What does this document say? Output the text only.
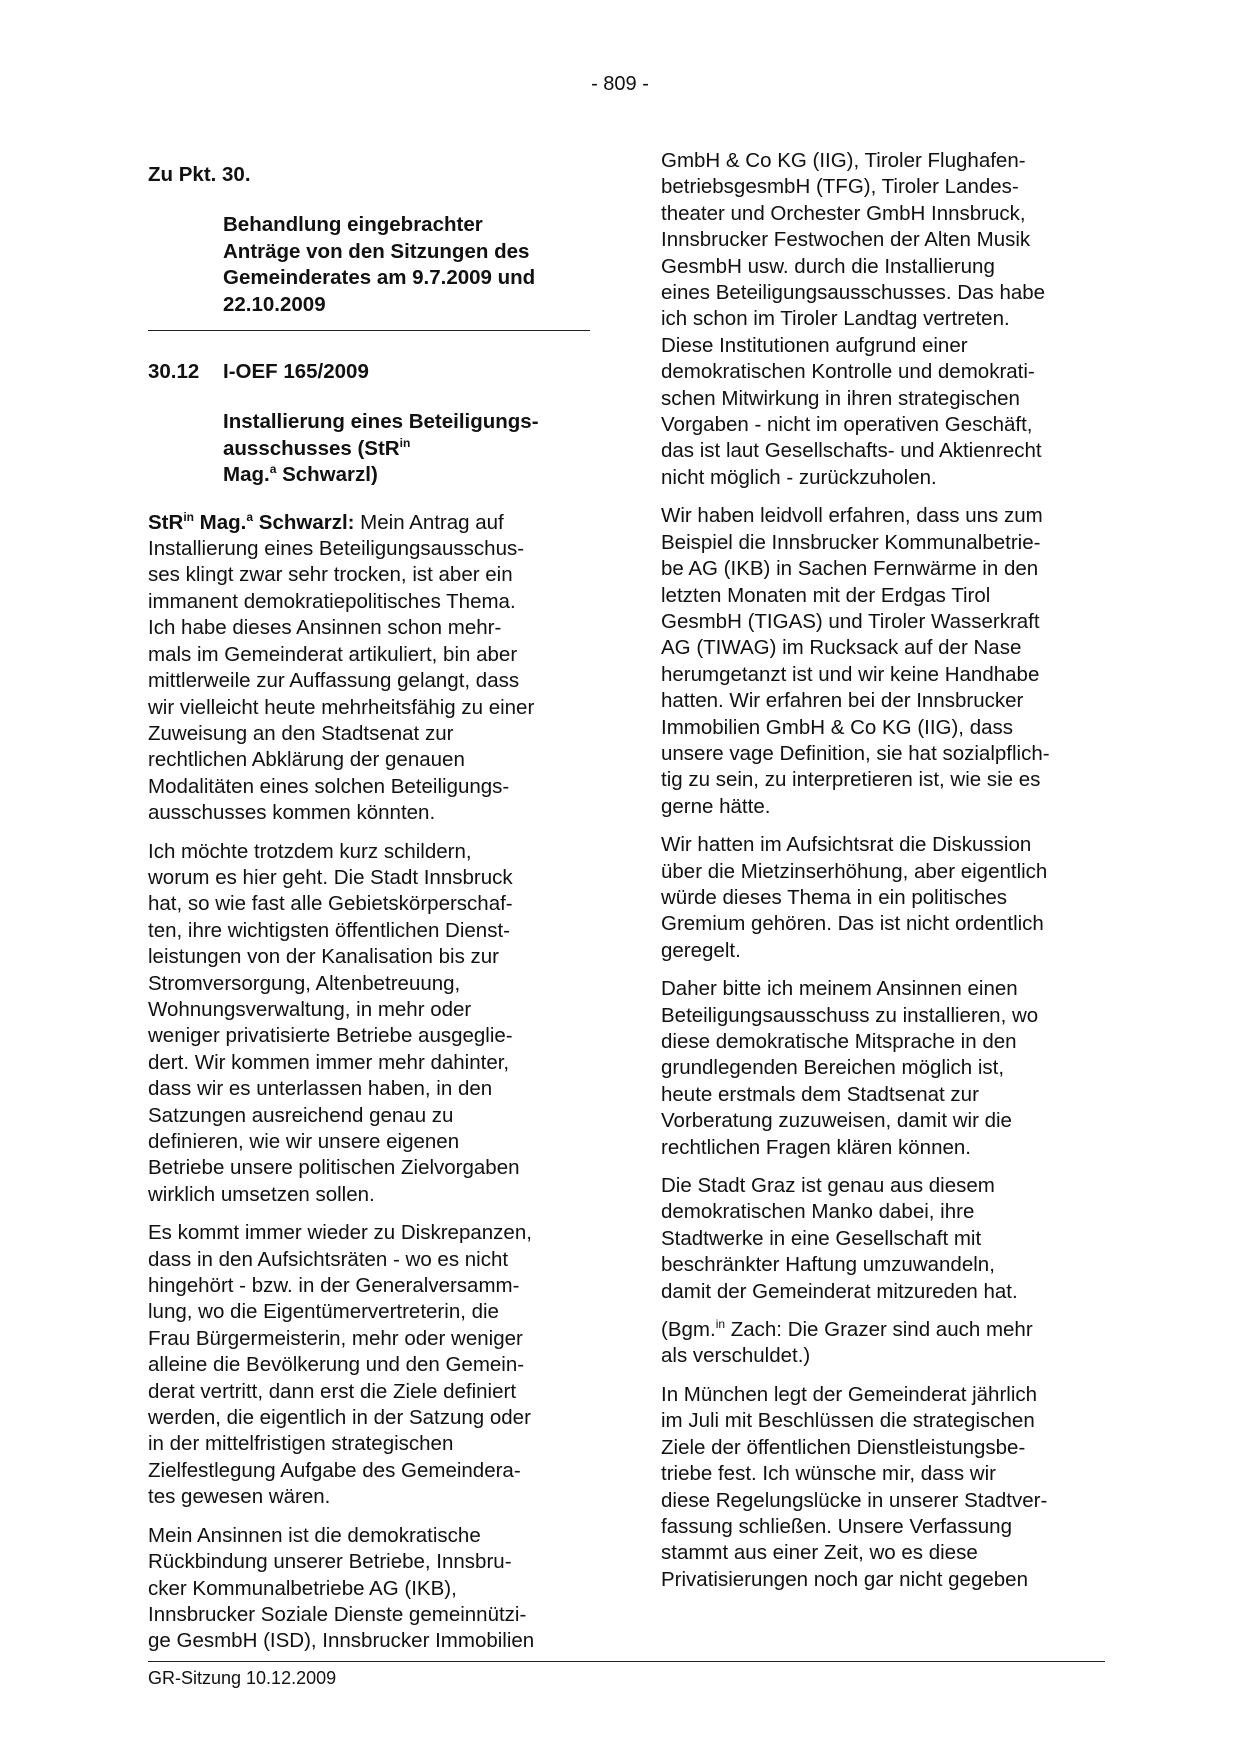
- 809 -
Zu Pkt. 30.
Behandlung eingebrachter
Anträge von den Sitzungen des
Gemeinderates am 9.7.2009 und
22.10.2009
30.12	I-OEF 165/2009
Installierung eines Beteiligungs-
ausschusses (StR$^{in}$
Mag.$^a$ Schwarzl)

StR$^{in}$ Mag.$^a$ Schwarzl: Mein Antrag auf
Installierung eines Beteiligungsausschus-
ses klingt zwar sehr trocken, ist aber ein
immanent demokratiepolitisches Thema.
Ich habe dieses Ansinnen schon mehr-
mals im Gemeinderat artikuliert, bin aber
mittlerweile zur Auffassung gelangt, dass
wir vielleicht heute mehrheitsfähig zu einer
Zuweisung an den Stadtsenat zur
rechtlichen Abklärung der genauen
Modalitäten eines solchen Beteiligungs-
ausschusses kommen könnten.

Ich möchte trotzdem kurz schildern,
worum es hier geht. Die Stadt Innsbruck
hat, so wie fast alle Gebietskörperschaf-
ten, ihre wichtigsten öffentlichen Dienst-
leistungen von der Kanalisation bis zur
Stromversorgung, Altenbetreuung,
Wohnungsverwaltung, in mehr oder
weniger privatisierte Betriebe ausgeglie-
dert. Wir kommen immer mehr dahinter,
dass wir es unterlassen haben, in den
Satzungen ausreichend genau zu
definieren, wie wir unsere eigenen
Betriebe unsere politischen Zielvorgaben
wirklich umsetzen sollen.

Es kommt immer wieder zu Diskrepanzen,
dass in den Aufsichtsräten - wo es nicht
hingehört - bzw. in der Generalversamm-
lung, wo die Eigentümervertreterin, die
Frau Bürgermeisterin, mehr oder weniger
alleine die Bevölkerung und den Gemein-
derat vertritt, dann erst die Ziele definiert
werden, die eigentlich in der Satzung oder
in der mittelfristigen strategischen
Zielfestlegung Aufgabe des Gemeindera-
tes gewesen wären.

Mein Ansinnen ist die demokratische
Rückbindung unserer Betriebe, Innsbru-
cker Kommunalbetriebe AG (IKB),
Innsbrucker Soziale Dienste gemeinnützi-
ge GesmbH (ISD), Innsbrucker Immobilien

GmbH & Co KG (IIG), Tiroler Flughafen-
betriebsgesmbH (TFG), Tiroler Landes-
theater und Orchester GmbH Innsbruck,
Innsbrucker Festwochen der Alten Musik
GesmbH usw. durch die Installierung
eines Beteiligungsausschusses. Das habe
ich schon im Tiroler Landtag vertreten.
Diese Institutionen aufgrund einer
demokratischen Kontrolle und demokrati-
schen Mitwirkung in ihren strategischen
Vorgaben - nicht im operativen Geschäft,
das ist laut Gesellschafts- und Aktienrecht
nicht möglich - zurückzuholen.

Wir haben leidvoll erfahren, dass uns zum
Beispiel die Innsbrucker Kommunalbetrie-
be AG (IKB) in Sachen Fernwärme in den
letzten Monaten mit der Erdgas Tirol
GesmbH (TIGAS) und Tiroler Wasserkraft
AG (TIWAG) im Rucksack auf der Nase
herumgetanzt ist und wir keine Handhabe
hatten. Wir erfahren bei der Innsbrucker
Immobilien GmbH & Co KG (IIG), dass
unsere vage Definition, sie hat sozialpflich-
tig zu sein, zu interpretieren ist, wie sie es
gerne hätte.

Wir hatten im Aufsichtsrat die Diskussion
über die Mietzinserhöhung, aber eigentlich
würde dieses Thema in ein politisches
Gremium gehören. Das ist nicht ordentlich
geregelt.

Daher bitte ich meinem Ansinnen einen
Beteiligungsausschuss zu installieren, wo
diese demokratische Mitsprache in den
grundlegenden Bereichen möglich ist,
heute erstmals dem Stadtsenat zur
Vorberatung zuzuweisen, damit wir die
rechtlichen Fragen klären können.

Die Stadt Graz ist genau aus diesem
demokratischen Manko dabei, ihre
Stadtwerke in eine Gesellschaft mit
beschränkter Haftung umzuwandeln,
damit der Gemeinderat mitzureden hat.

(Bgm.$^{in}$ Zach: Die Grazer sind auch mehr
als verschuldet.)

In München legt der Gemeinderat jährlich
im Juli mit Beschlüssen die strategischen
Ziele der öffentlichen Dienstleistungsbe-
triebe fest. Ich wünsche mir, dass wir
diese Regelungslücke in unserer Stadtver-
fassung schließen. Unsere Verfassung
stammt aus einer Zeit, wo es diese
Privatisierungen noch gar nicht gegeben

GR-Sitzung 10.12.2009
